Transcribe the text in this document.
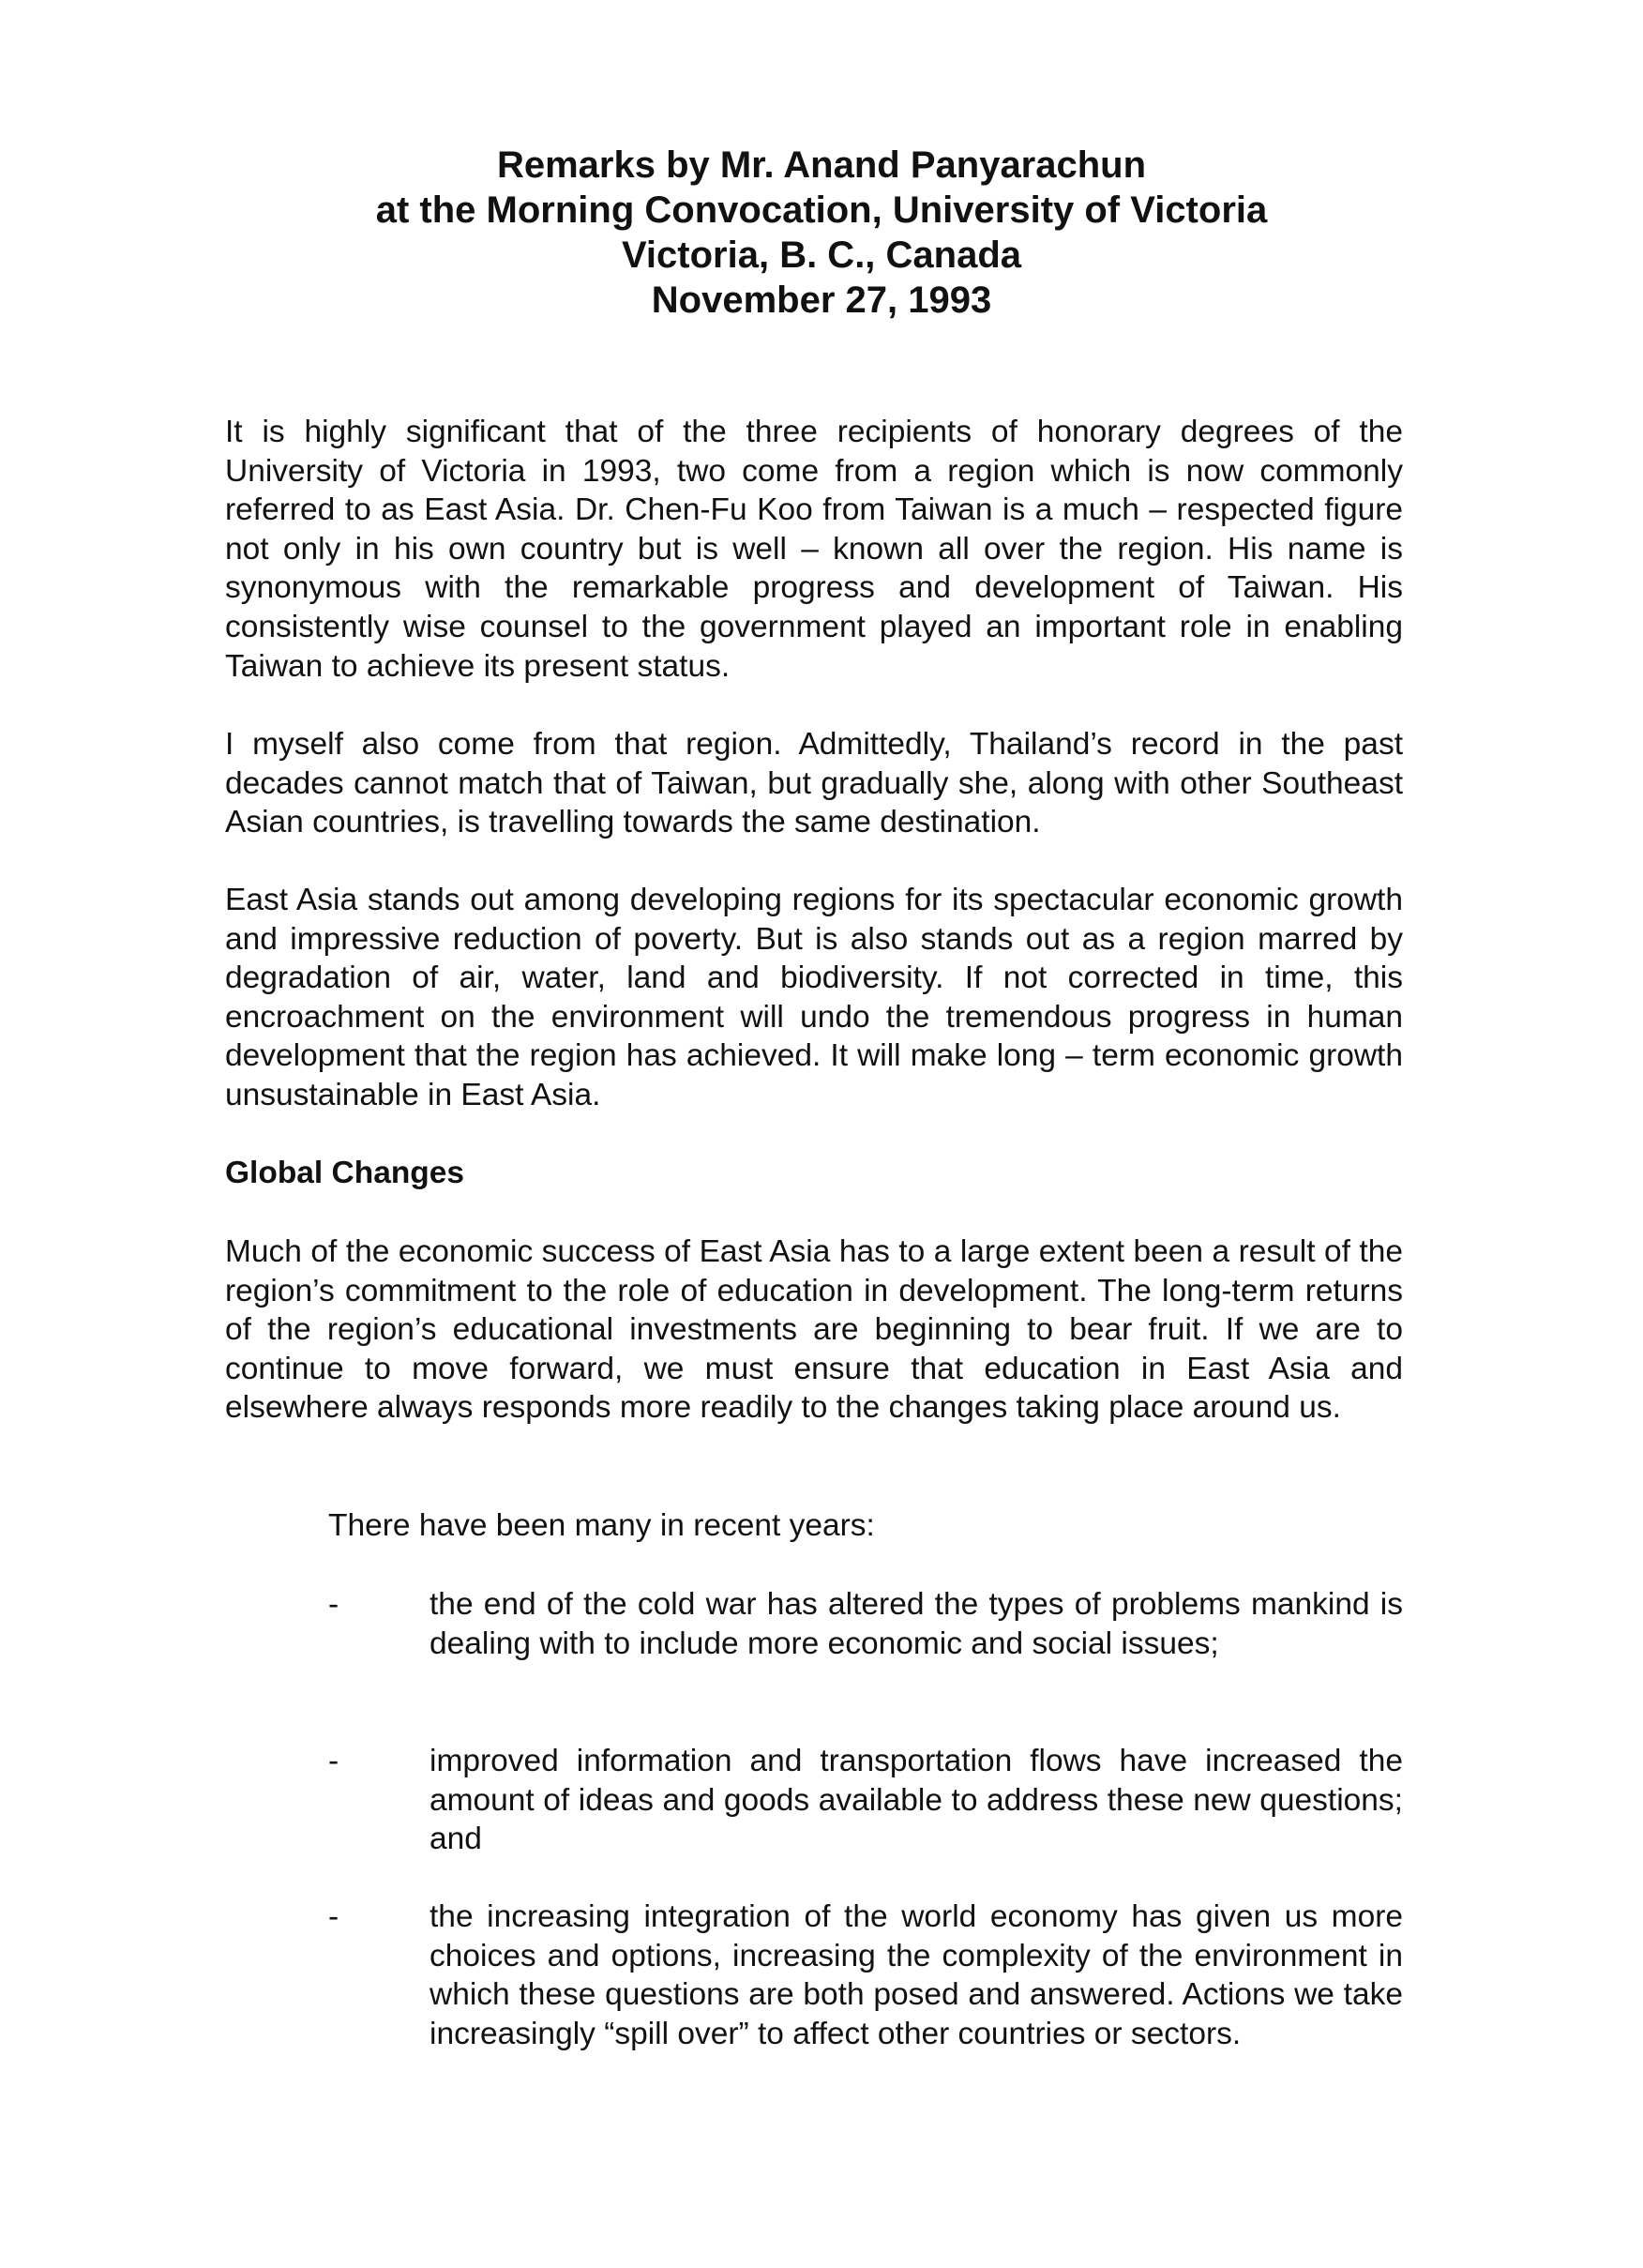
Remarks by Mr. Anand Panyarachun
at the Morning Convocation, University of Victoria
Victoria, B. C., Canada
November 27, 1993
It is highly significant that of the three recipients of honorary degrees of the University of Victoria in 1993, two come from a region which is now commonly referred to as East Asia. Dr. Chen-Fu Koo from Taiwan is a much – respected figure not only in his own country but is well – known all over the region. His name is synonymous with the remarkable progress and development of Taiwan. His consistently wise counsel to the government played an important role in enabling Taiwan to achieve its present status.
I myself also come from that region. Admittedly, Thailand’s record in the past decades cannot match that of Taiwan, but gradually she, along with other Southeast Asian countries, is travelling towards the same destination.
East Asia stands out among developing regions for its spectacular economic growth and impressive reduction of poverty. But is also stands out as a region marred by degradation of air, water, land and biodiversity. If not corrected in time, this encroachment on the environment will undo the tremendous progress in human development that the region has achieved. It will make long – term economic growth unsustainable in East Asia.
Global Changes
Much of the economic success of East Asia has to a large extent been a result of the region’s commitment to the role of education in development. The long-term returns of the region’s educational investments are beginning to bear fruit. If we are to continue to move forward, we must ensure that education in East Asia and elsewhere always responds more readily to the changes taking place around us.
There have been many in recent years:
-	the end of the cold war has altered the types of problems mankind is dealing with to include more economic and social issues;
-	improved information and transportation flows have increased the amount of ideas and goods available to address these new questions; and
-	the increasing integration of the world economy has given us more choices and options, increasing the complexity of the environment in which these questions are both posed and answered. Actions we take increasingly “spill over” to affect other countries or sectors.
